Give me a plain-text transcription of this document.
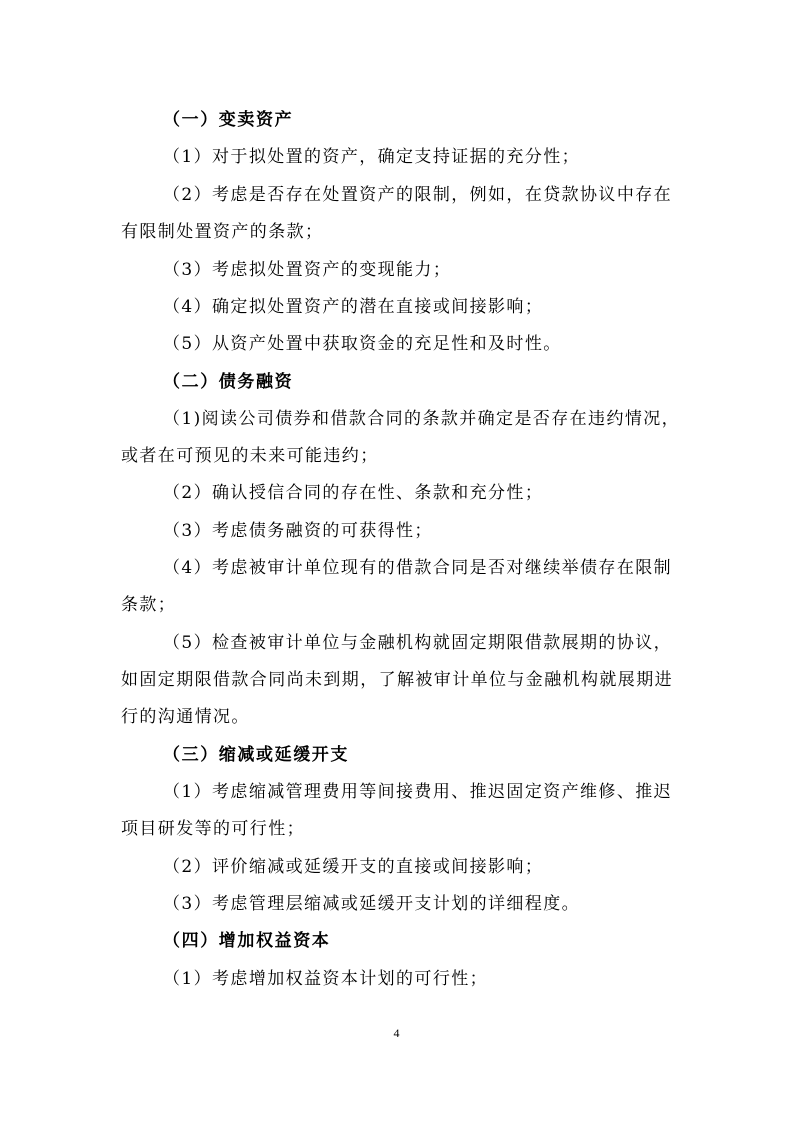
（一）变卖资产
（1）对于拟处置的资产，确定支持证据的充分性；
（2）考虑是否存在处置资产的限制，例如，在贷款协议中存在
有限制处置资产的条款；
（3）考虑拟处置资产的变现能力；
（4）确定拟处置资产的潜在直接或间接影响；
（5）从资产处置中获取资金的充足性和及时性。
（二）债务融资
（1)阅读公司债券和借款合同的条款并确定是否存在违约情况，
或者在可预见的未来可能违约；
（2）确认授信合同的存在性、条款和充分性；
（3）考虑债务融资的可获得性；
（4）考虑被审计单位现有的借款合同是否对继续举债存在限制
条款；
（5）检查被审计单位与金融机构就固定期限借款展期的协议，
如固定期限借款合同尚未到期，了解被审计单位与金融机构就展期进
行的沟通情况。
（三）缩减或延缓开支
（1）考虑缩减管理费用等间接费用、推迟固定资产维修、推迟
项目研发等的可行性；
（2）评价缩减或延缓开支的直接或间接影响；
（3）考虑管理层缩减或延缓开支计划的详细程度。
（四）增加权益资本
（1）考虑增加权益资本计划的可行性；
4
